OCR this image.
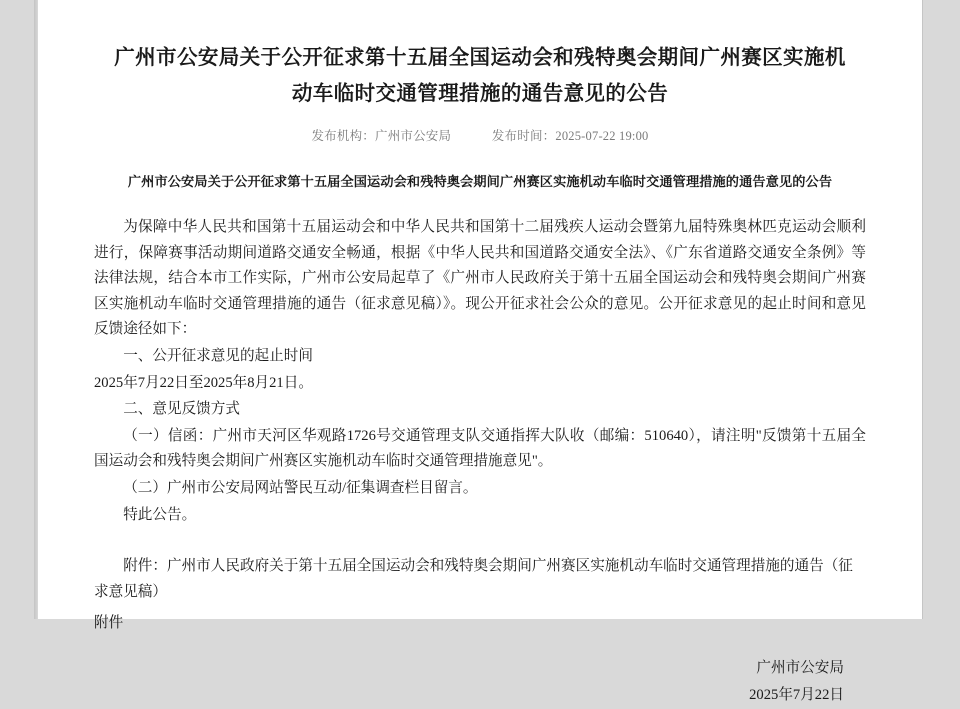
广州市公安局关于公开征求第十五届全国运动会和残特奥会期间广州赛区实施机动车临时交通管理措施的通告意见的公告
发布机构：广州市公安局	发布时间：2025-07-22 19:00
广州市公安局关于公开征求第十五届全国运动会和残特奥会期间广州赛区实施机动车临时交通管理措施的通告意见的公告

为保障中华人民共和国第十五届运动会和中华人民共和国第十二届残疾人运动会暨第九届特殊奥林匹克运动会顺利进行，保障赛事活动期间道路交通安全畅通，根据《中华人民共和国道路交通安全法》、《广东省道路交通安全条例》等法律法规，结合本市工作实际，广州市公安局起草了《广州市人民政府关于第十五届全国运动会和残特奥会期间广州赛区实施机动车临时交通管理措施的通告（征求意见稿）》。现公开征求社会公众的意见。公开征求意见的起止时间和意见反馈途径如下：

一、公开征求意见的起止时间

2025年7月22日至2025年8月21日。

二、意见反馈方式

（一）信函：广州市天河区华观路1726号交通管理支队交通指挥大队收（邮编：510640），请注明"反馈第十五届全国运动会和残特奥会期间广州赛区实施机动车临时交通管理措施意见"。

（二）广州市公安局网站警民互动/征集调查栏目留言。

特此公告。

附件：广州市人民政府关于第十五届全国运动会和残特奥会期间广州赛区实施机动车临时交通管理措施的通告（征求意见稿）
广州市公安局
2025年7月22日
附件
